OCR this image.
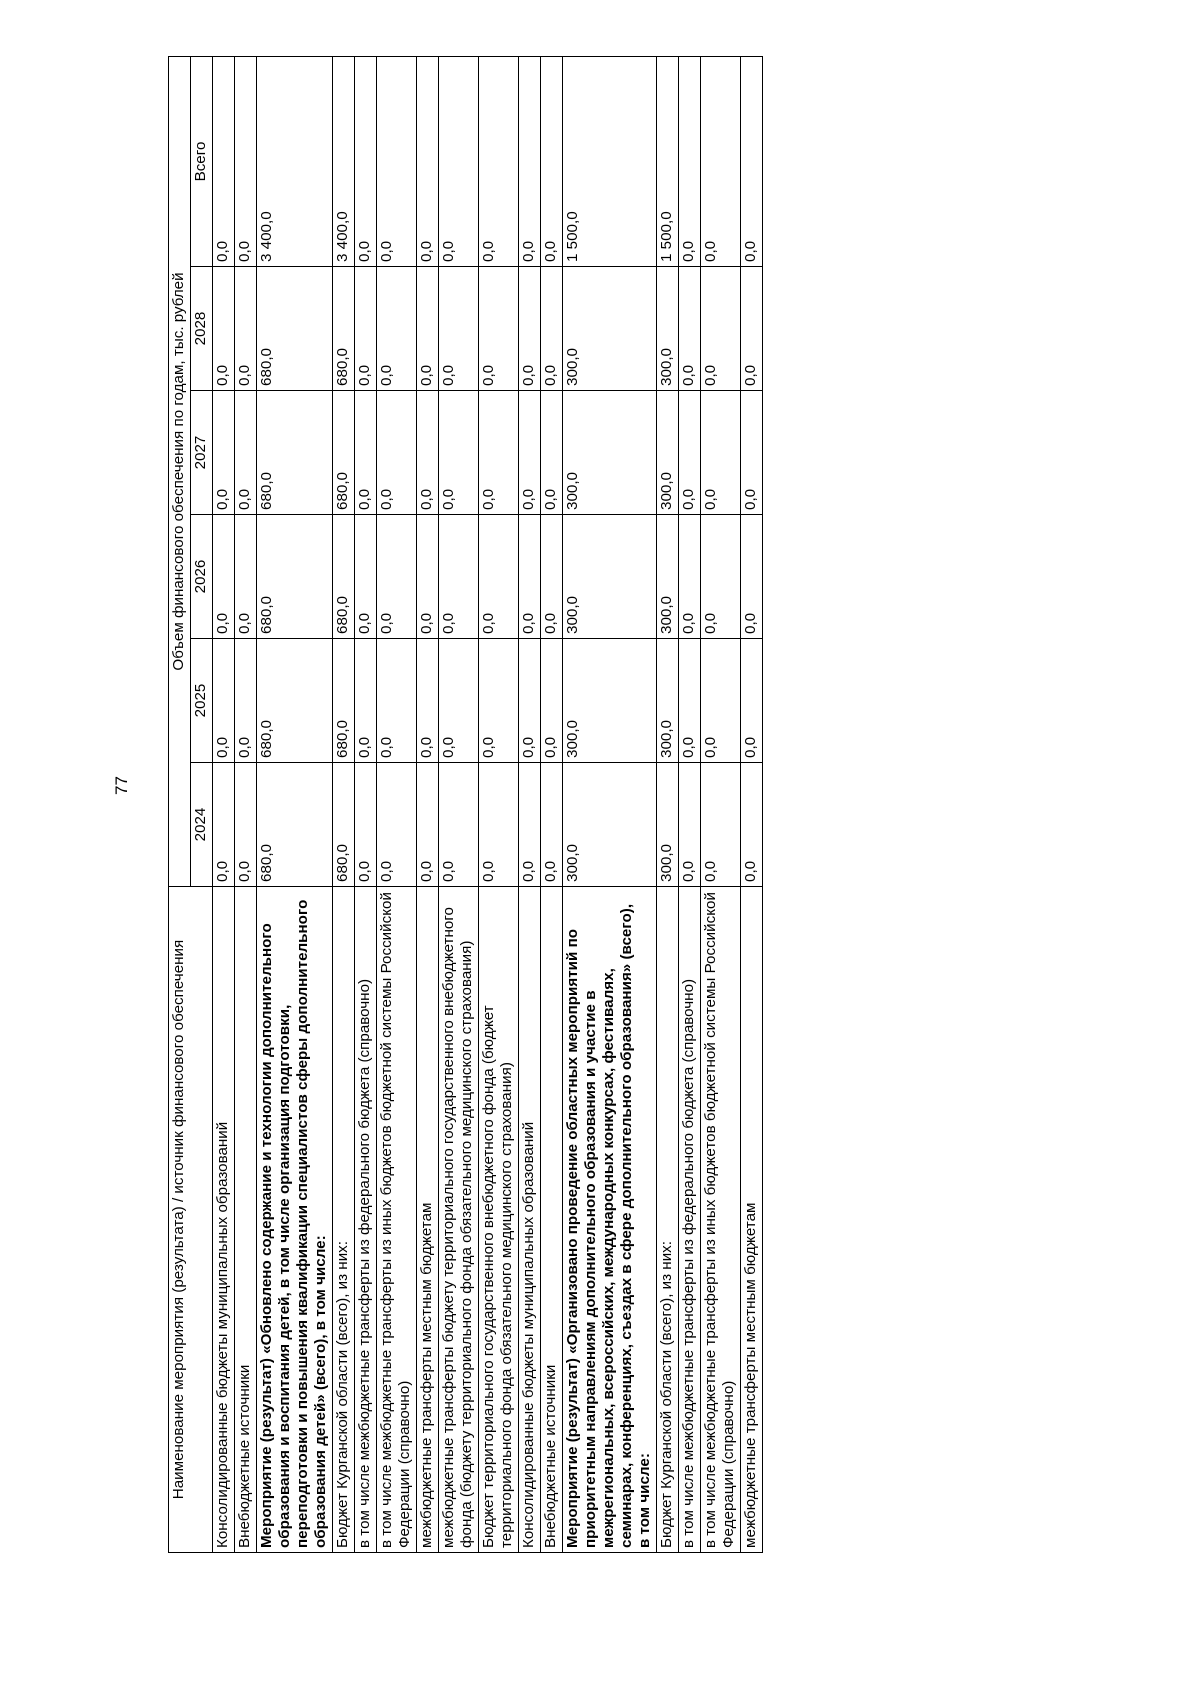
77
Наименование мероприятия (результата) / источник финансового обеспечения	Объем финансового обеспечения по годам, тыс. рублей					
	2024	2025	2026	2027	2028	Всего
Консолидированные бюджеты муниципальных образований	0,0	0,0	0,0	0,0	0,0	0,0
Внебюджетные источники	0,0	0,0	0,0	0,0	0,0	0,0
Мероприятие (результат) «Обновлено содержание и технологии дополнительного образования и воспитания детей, в том числе организация подготовки, переподготовки и повышения квалификации специалистов сферы дополнительного образования детей» (всего), в том числе:	680,0	680,0	680,0	680,0	680,0	3 400,0
Бюджет Курганской области (всего), из них:	680,0	680,0	680,0	680,0	680,0	3 400,0
в том числе межбюджетные трансферты из федерального бюджета (справочно)	0,0	0,0	0,0	0,0	0,0	0,0
в том числе межбюджетные трансферты из иных бюджетов бюджетной системы Российской Федерации (справочно)	0,0	0,0	0,0	0,0	0,0	0,0
межбюджетные трансферты местным бюджетам	0,0	0,0	0,0	0,0	0,0	0,0
межбюджетные трансферты бюджету территориального государственного внебюджетного фонда (бюджету территориального фонда обязательного медицинского страхования)	0,0	0,0	0,0	0,0	0,0	0,0
Бюджет территориального государственного внебюджетного фонда (бюджет территориального фонда обязательного медицинского страхования)	0,0	0,0	0,0	0,0	0,0	0,0
Консолидированные бюджеты муниципальных образований	0,0	0,0	0,0	0,0	0,0	0,0
Внебюджетные источники	0,0	0,0	0,0	0,0	0,0	0,0
Мероприятие (результат) «Организовано проведение областных мероприятий по приоритетным направлениям дополнительного образования и участие в межрегиональных, всероссийских, международных конкурсах, фестивалях, семинарах, конференциях, съездах в сфере дополнительного образования» (всего), в том числе:	300,0	300,0	300,0	300,0	300,0	1 500,0
Бюджет Курганской области (всего), из них:	300,0	300,0	300,0	300,0	300,0	1 500,0
в том числе межбюджетные трансферты из федерального бюджета (справочно)	0,0	0,0	0,0	0,0	0,0	0,0
в том числе межбюджетные трансферты из иных бюджетов бюджетной системы Российской Федерации (справочно)	0,0	0,0	0,0	0,0	0,0	0,0
межбюджетные трансферты местным бюджетам	0,0	0,0	0,0	0,0	0,0	0,0
